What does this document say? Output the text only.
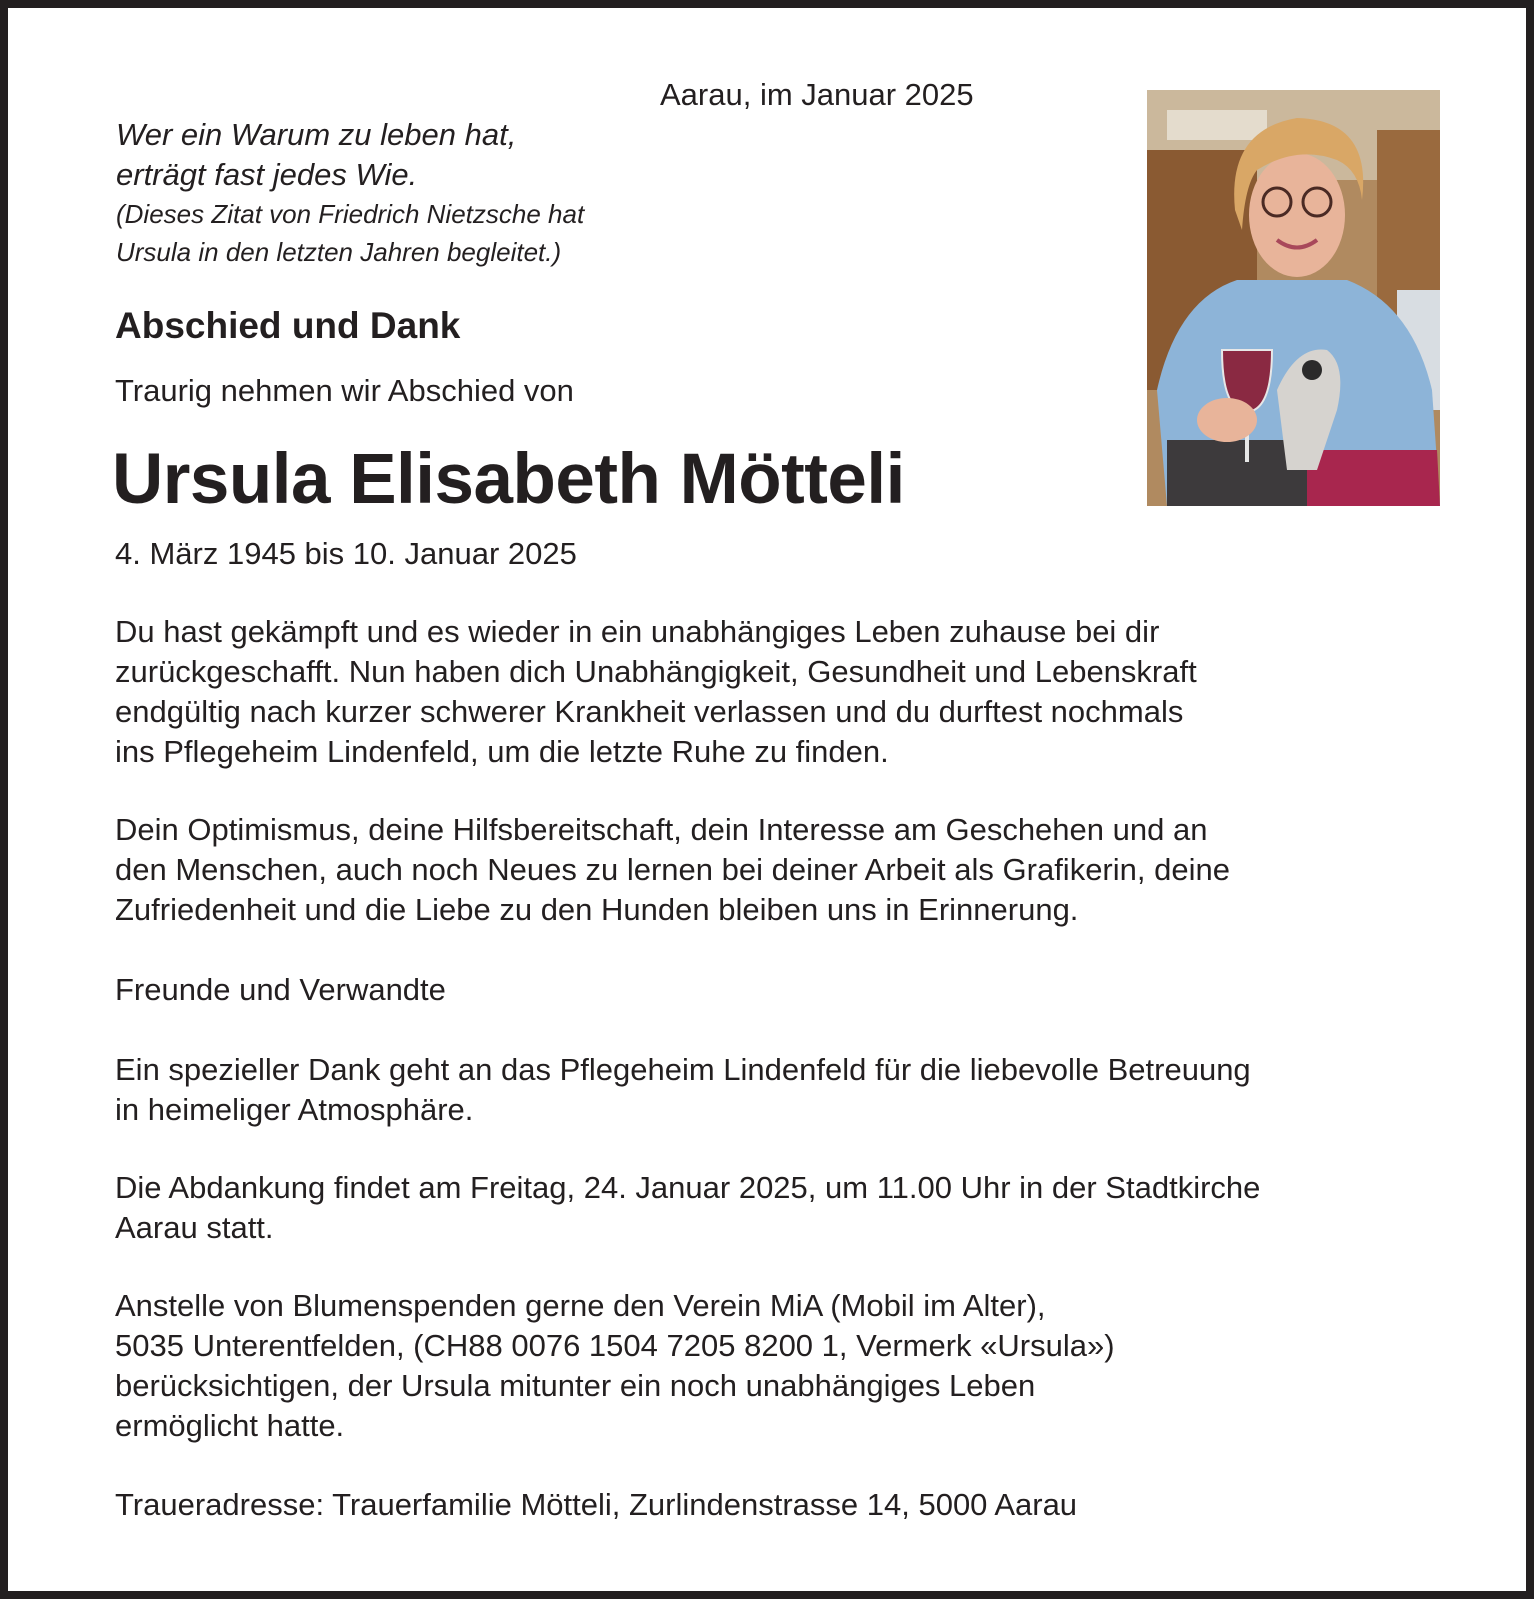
Aarau, im Januar 2025

Wer ein Warum zu leben hat,
erträgt fast jedes Wie.
(Dieses Zitat von Friedrich Nietzsche hat
Ursula in den letzten Jahren begleitet.)
Abschied und Dank

Traurig nehmen wir Abschied von

Ursula Elisabeth Mötteli

4. März 1945 bis 10. Januar 2025

Du hast gekämpft und es wieder in ein unabhängiges Leben zuhause bei dir
zurückgeschafft. Nun haben dich Unabhängigkeit, Gesundheit und Lebenskraft
endgültig nach kurzer schwerer Krankheit verlassen und du durftest nochmals
ins Pflegeheim Lindenfeld, um die letzte Ruhe zu finden.
Dein Optimismus, deine Hilfsbereitschaft, dein Interesse am Geschehen und an
den Menschen, auch noch Neues zu lernen bei deiner Arbeit als Grafikerin, deine
Zufriedenheit und die Liebe zu den Hunden bleiben uns in Erinnerung.
Freunde und Verwandte
Ein spezieller Dank geht an das Pflegeheim Lindenfeld für die liebevolle Betreuung
in heimeliger Atmosphäre.
Die Abdankung findet am Freitag, 24. Januar 2025, um 11.00 Uhr in der Stadtkirche
Aarau statt.
Anstelle von Blumenspenden gerne den Verein MiA (Mobil im Alter),
5035 Unterentfelden, (CH88 0076 1504 7205 8200 1, Vermerk «Ursula»)
berücksichtigen, der Ursula mitunter ein noch unabhängiges Leben
ermöglicht hatte.
Traueradresse: Trauerfamilie Mötteli, Zurlindenstrasse 14, 5000 Aarau
